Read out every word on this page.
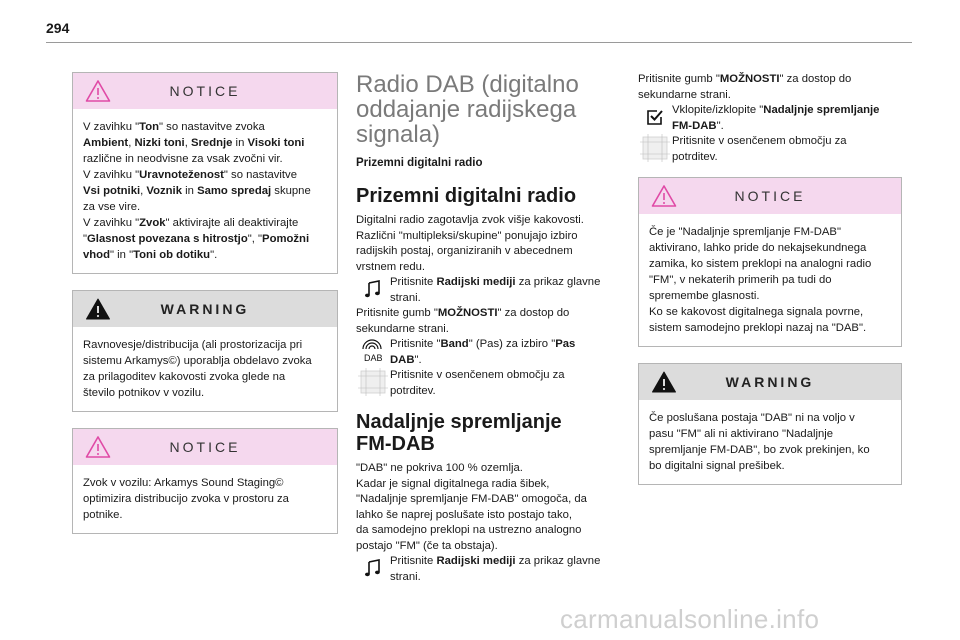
294
NOTICE

V zavihku "Ton" so nastavitve zvoka

Ambient, Nizki toni, Srednje in Visoki toni

različne in neodvisne za vsak zvočni vir.

V zavihku "Uravnoteženost" so nastavitve

Vsi potniki, Voznik in Samo spredaj skupne

za vse vire.

V zavihku "Zvok" aktivirajte ali deaktivirajte

"Glasnost povezana s hitrostjo", "Pomožni

vhod" in "Toni ob dotiku".

WARNING

Ravnovesje/distribucija (ali prostorizacija pri

sistemu Arkamys©) uporablja obdelavo zvoka

za prilagoditev kakovosti zvoka glede na

število potnikov v vozilu.

NOTICE

Zvok v vozilu: Arkamys Sound Staging©

optimizira distribucijo zvoka v prostoru za

potnike.

Radio DAB (digitalno
oddajanje radijskega
signala)
Prizemni digitalni radio
Prizemni digitalni radio

Digitalni radio zagotavlja zvok višje kakovosti.

Različni "multipleksi/skupine" ponujajo izbiro

radijskih postaj, organiziranih v abecednem

vrstnem redu.

Pritisnite Radijski mediji za prikaz glavne
strani.

Pritisnite gumb "MOŽNOSTI" za dostop do

sekundarne strani.

DAB
Pritisnite "Band" (Pas) za izbiro "Pas
DAB".
Pritisnite v osenčenem območju za
potrditev.
Nadaljnje spremljanje
FM-DAB

"DAB" ne pokriva 100 % ozemlja.

Kadar je signal digitalnega radia šibek,

"Nadaljnje spremljanje FM-DAB" omogoča, da

lahko še naprej poslušate isto postajo tako,

da samodejno preklopi na ustrezno analogno

postajo "FM" (če ta obstaja).

Pritisnite Radijski mediji za prikaz glavne
strani.

Pritisnite gumb "MOŽNOSTI" za dostop do

sekundarne strani.

Vklopite/izklopite "Nadaljnje spremljanje
FM-DAB".
Pritisnite v osenčenem območju za
potrditev.
NOTICE

Če je "Nadaljnje spremljanje FM-DAB"

aktivirano, lahko pride do nekajsekundnega

zamika, ko sistem preklopi na analogni radio

"FM", v nekaterih primerih pa tudi do

spremembe glasnosti.

Ko se kakovost digitalnega signala povrne,

sistem samodejno preklopi nazaj na "DAB".

WARNING

Če poslušana postaja "DAB" ni na voljo v

pasu "FM" ali ni aktivirano "Nadaljnje

spremljanje FM-DAB", bo zvok prekinjen, ko

bo digitalni signal prešibek.

carmanualsonline.info
